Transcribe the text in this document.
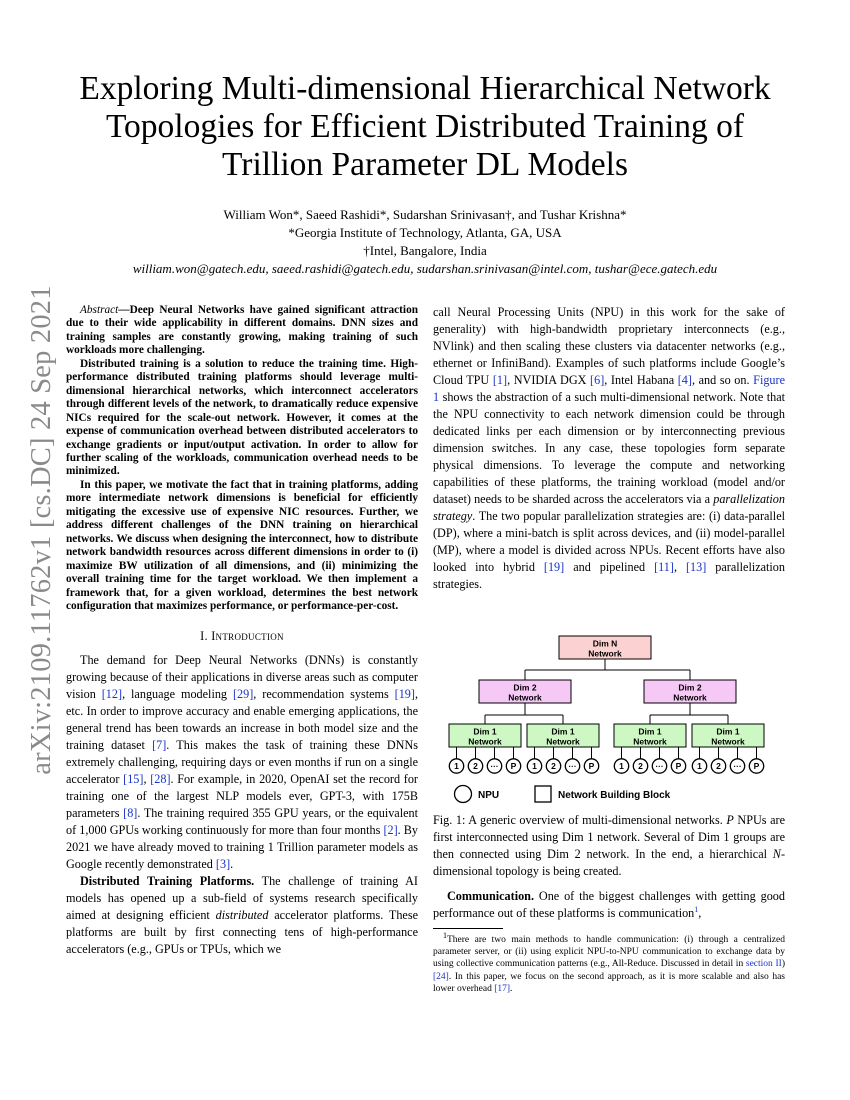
arXiv:2109.11762v1 [cs.DC] 24 Sep 2021
Exploring Multi-dimensional Hierarchical Network
Topologies for Efficient Distributed Training of
Trillion Parameter DL Models
William Won*, Saeed Rashidi*, Sudarshan Srinivasan†, and Tushar Krishna*
*Georgia Institute of Technology, Atlanta, GA, USA
†Intel, Bangalore, India
william.won@gatech.edu, saeed.rashidi@gatech.edu, sudarshan.srinivasan@intel.com, tushar@ece.gatech.edu

Abstract—Deep Neural Networks have gained significant attraction due to their wide applicability in different domains. DNN sizes and training samples are constantly growing, making training of such workloads more challenging.

Distributed training is a solution to reduce the training time. High-performance distributed training platforms should leverage multi-dimensional hierarchical networks, which interconnect accelerators through different levels of the network, to dramatically reduce expensive NICs required for the scale-out network. However, it comes at the expense of communication overhead between distributed accelerators to exchange gradients or input/output activation. In order to allow for further scaling of the workloads, communication overhead needs to be minimized.

In this paper, we motivate the fact that in training platforms, adding more intermediate network dimensions is beneficial for efficiently mitigating the excessive use of expensive NIC resources. Further, we address different challenges of the DNN training on hierarchical networks. We discuss when designing the interconnect, how to distribute network bandwidth resources across different dimensions in order to (i) maximize BW utilization of all dimensions, and (ii) minimizing the overall training time for the target workload. We then implement a framework that, for a given workload, determines the best network configuration that maximizes performance, or performance-per-cost.

I. Introduction

The demand for Deep Neural Networks (DNNs) is constantly growing because of their applications in diverse areas such as computer vision [12], language modeling [29], recommendation systems [19], etc. In order to improve accuracy and enable emerging applications, the general trend has been towards an increase in both model size and the training dataset [7]. This makes the task of training these DNNs extremely challenging, requiring days or even months if run on a single accelerator [15], [28]. For example, in 2020, OpenAI set the record for training one of the largest NLP models ever, GPT-3, with 175B parameters [8]. The training required 355 GPU years, or the equivalent of 1,000 GPUs working continuously for more than four months [2]. By 2021 we have already moved to training 1 Trillion parameter models as Google recently demonstrated [3].

Distributed Training Platforms. The challenge of training AI models has opened up a sub-field of systems research specifically aimed at designing efficient distributed accelerator platforms. These platforms are built by first connecting tens of high-performance accelerators (e.g., GPUs or TPUs, which we

call Neural Processing Units (NPU) in this work for the sake of generality) with high-bandwidth proprietary interconnects (e.g., NVlink) and then scaling these clusters via datacenter networks (e.g., ethernet or InfiniBand). Examples of such platforms include Google’s Cloud TPU [1], NVIDIA DGX [6], Intel Habana [4], and so on. Figure 1 shows the abstraction of a such multi-dimensional network. Note that the NPU connectivity to each network dimension could be through dedicated links per each dimension or by interconnecting previous dimension switches. In any case, these topologies form separate physical dimensions. To leverage the compute and networking capabilities of these platforms, the training workload (model and/or dataset) needs to be sharded across the accelerators via a parallelization strategy. The two popular parallelization strategies are: (i) data-parallel (DP), where a mini-batch is split across devices, and (ii) model-parallel (MP), where a model is divided across NPUs. Recent efforts have also looked into hybrid [19] and pipelined [11], [13] parallelization strategies.

Dim N
Network
Dim 2
Network
Dim 2
Network
Dim 1
Network
1 2 ··· P
Dim 1
Network
1 2 ··· P
Dim 1
Network
1 2 ··· P
Dim 1
Network
1 2 ··· P
NPU	Network Building Block
Fig. 1: A generic overview of multi-dimensional networks. P NPUs are first interconnected using Dim 1 network. Several of Dim 1 groups are then connected using Dim 2 network. In the end, a hierarchical N-dimensional topology is being created.

Communication. One of the biggest challenges with getting good performance out of these platforms is communication$^1$,

$^1$There are two main methods to handle communication: (i) through a centralized parameter server, or (ii) using explicit NPU-to-NPU communication to exchange data by using collective communication patterns (e.g., All-Reduce. Discussed in detail in section II) [24]. In this paper, we focus on the second approach, as it is more scalable and also has lower overhead [17].
